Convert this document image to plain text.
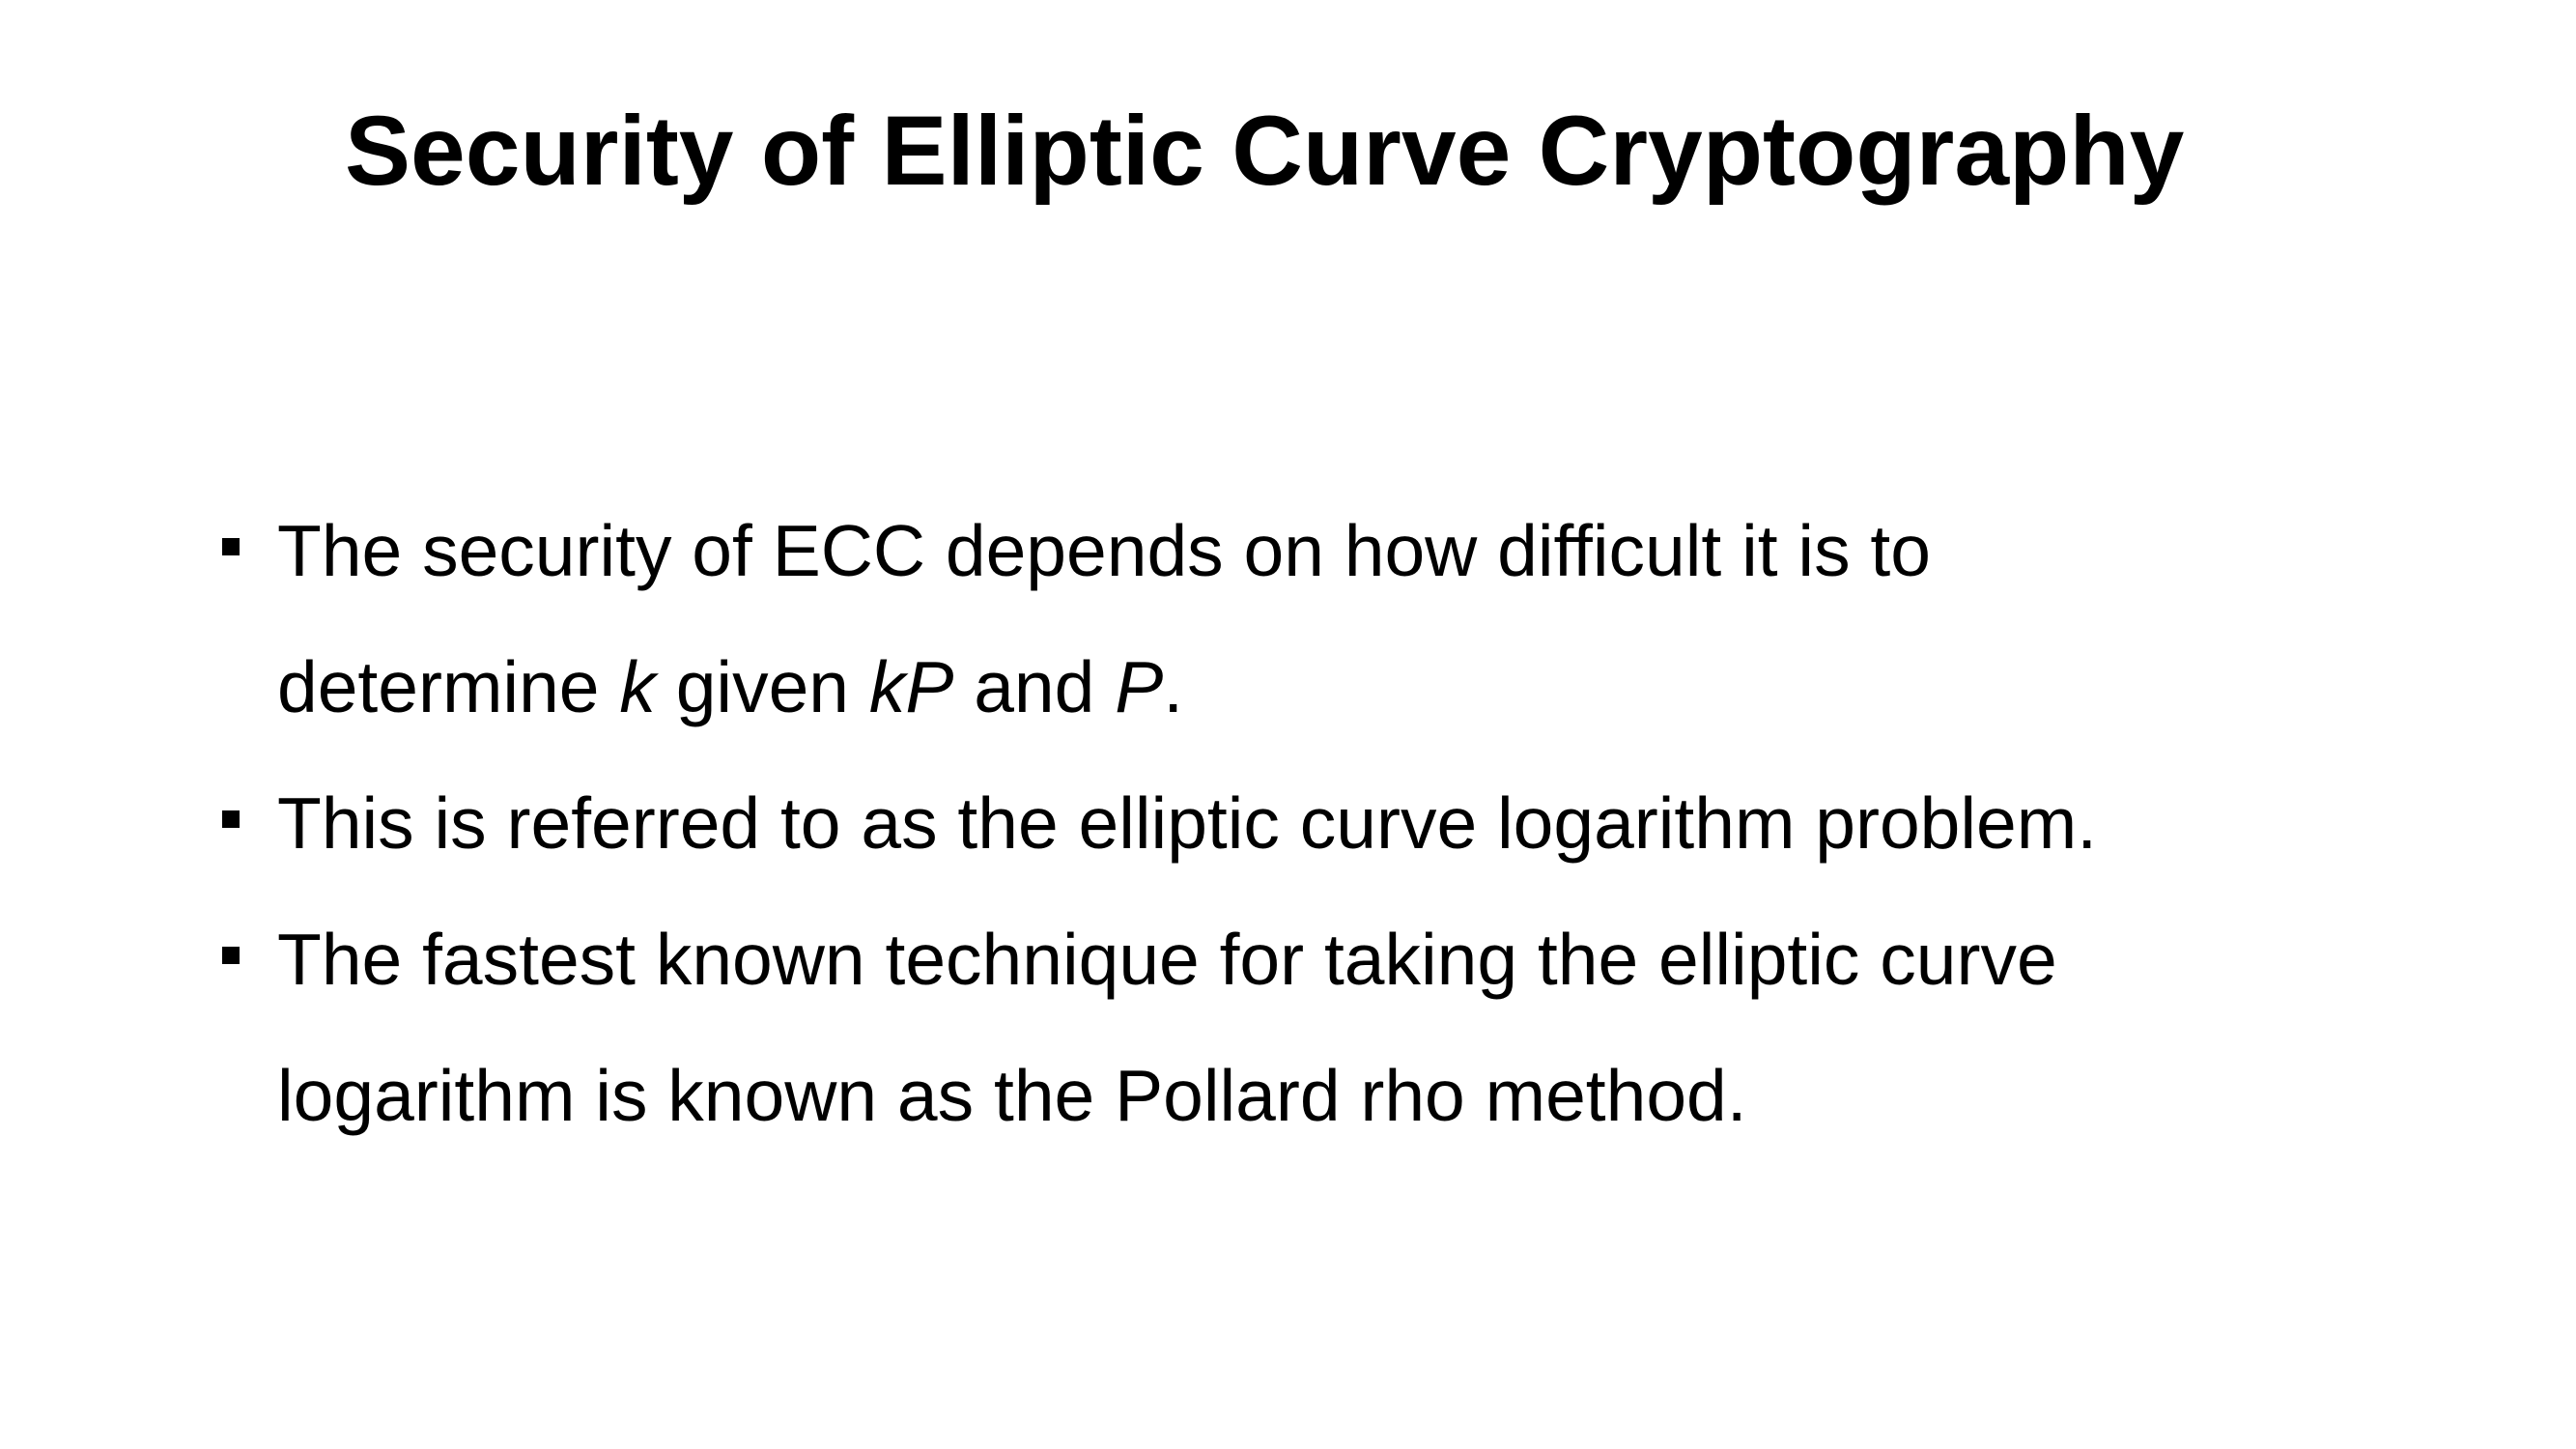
Security of Elliptic Curve Cryptography
The security of ECC depends on how difficult it is to
determine k given kP and P.
This is referred to as the elliptic curve logarithm problem.
The fastest known technique for taking the elliptic curve
logarithm is known as the Pollard rho method.
